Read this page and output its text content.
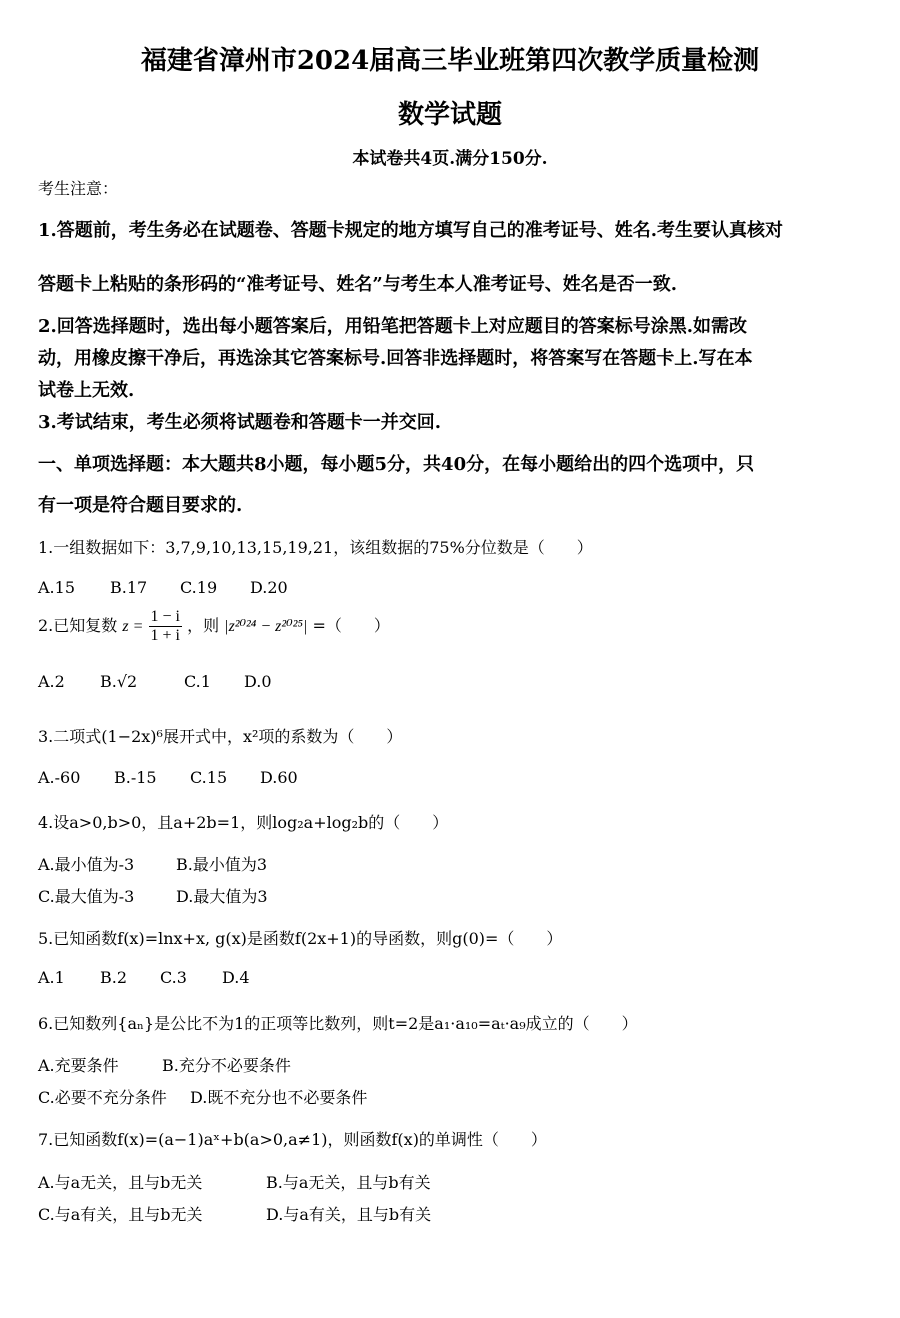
福建省漳州市2024届高三毕业班第四次教学质量检测
数学试题
本试卷共4页.满分150分.
考生注意：
1.答题前，考生务必在试题卷、答题卡规定的地方填写自己的准考证号、姓名.考生要认真核对
答题卡上粘贴的条形码的“准考证号、姓名”与考生本人准考证号、姓名是否一致.
2.回答选择题时，选出每小题答案后，用铅笔把答题卡上对应题目的答案标号涂黑.如需改
动，用橡皮擦干净后，再选涂其它答案标号.回答非选择题时，将答案写在答题卡上.写在本
试卷上无效.
3.考试结束，考生必须将试题卷和答题卡一并交回.
一、单项选择题：本大题共8小题，每小题5分，共40分，在每小题给出的四个选项中，只
有一项是符合题目要求的.
1.一组数据如下：3,7,9,10,13,15,19,21，该组数据的75%分位数是（　　）
A.15 B.17 C.19 D.20
2.已知复数 $z = \frac{1 - i}{1 + i}$ ，则 |z²⁰²⁴ − z²⁰²⁵| =（　　）
A.2 B.√2	C.1 D.0
3.二项式(1−2x)⁶展开式中，x²项的系数为（　　）
A.-60 B.-15 C.15 D.60
4.设a>0,b>0，且a+2b=1，则log₂a+log₂b的（　　）
A.最小值为-3	B.最小值为3
C.最大值为-3	D.最大值为3
5.已知函数f(x)=lnx+x, g(x)是函数f(2x+1)的导函数，则g(0)=（　　）
A.1 B.2 C.3 D.4
6.已知数列{aₙ}是公比不为1的正项等比数列，则t=2是a₁·a₁₀=aₜ·a₉成立的（　　）
A.充要条件	B.充分不必要条件
C.必要不充分条件 D.既不充分也不必要条件
7.已知函数f(x)=(a−1)aˣ+b(a>0,a≠1)，则函数f(x)的单调性（　　）
A.与a无关，且与b无关	B.与a无关，且与b有关
C.与a有关，且与b无关	D.与a有关，且与b有关
